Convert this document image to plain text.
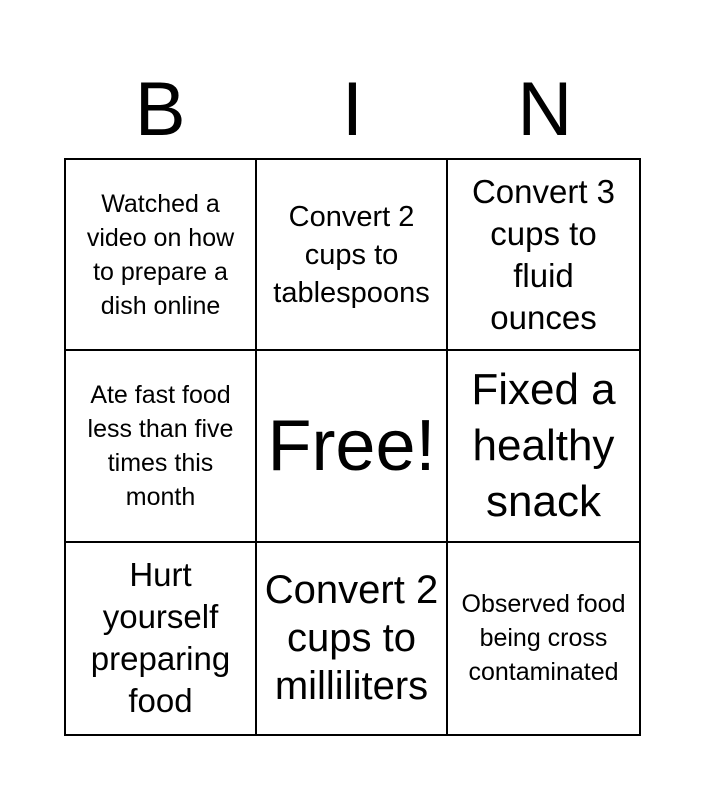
B	I	N
Watched a video on how to prepare a dish online
Convert 2 cups to tablespoons
Convert 3 cups to fluid ounces
Ate fast food less than five times this month
Free!
Fixed a healthy snack
Hurt yourself preparing food
Convert 2 cups to milliliters
Observed food being cross contaminated
